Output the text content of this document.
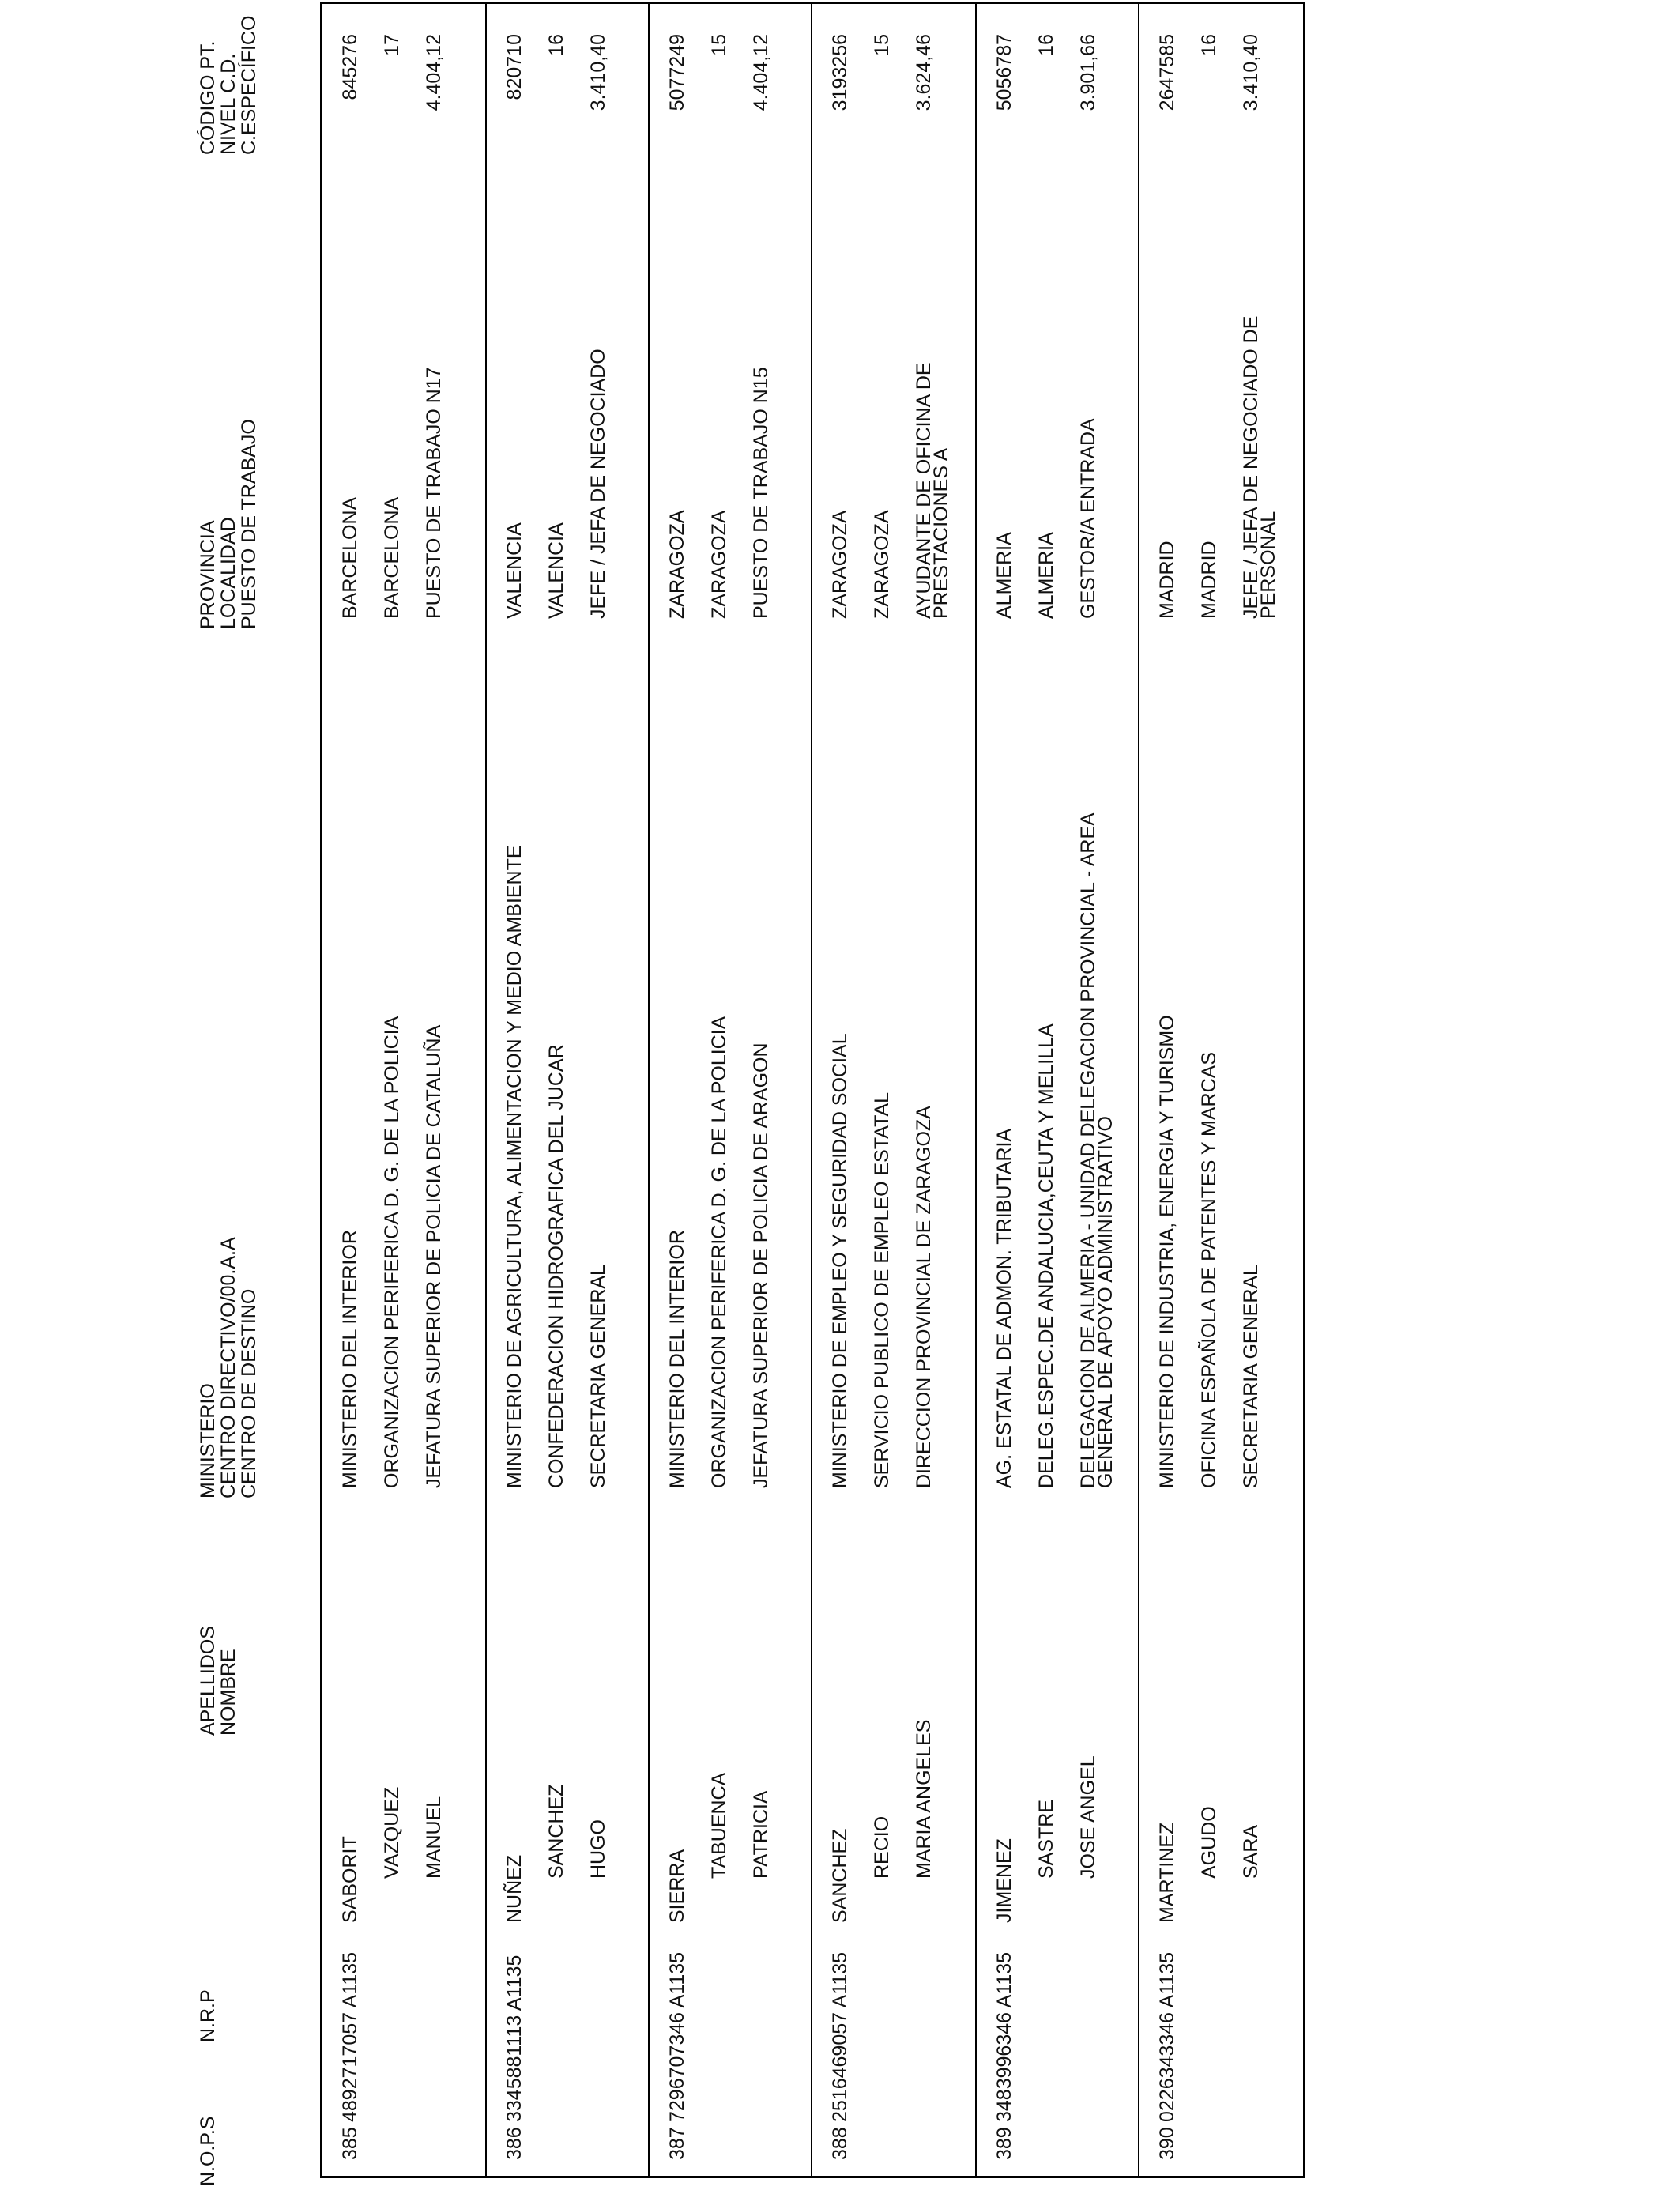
N.O.P.S
N.R.P
APELLIDOS
NOMBRE
MINISTERIO
CENTRO DIRECTIVO/00.A.A
CENTRO DE DESTINO
PROVINCIA
LOCALIDAD
PUESTO DE TRABAJO
CÓDIGO PT.
NIVEL C.D.
C.ESPECÍFICO
385
4892717057 A1135
SABORIT
VAZQUEZ MANUEL
MINISTERIO DEL INTERIOR ORGANIZACION PERIFERICA D. G. DE LA POLICIA JEFATURA SUPERIOR DE POLICIA DE CATALUÑA
BARCELONA BARCELONA PUESTO DE TRABAJO N17
845276 17 4.404,12
386
3345881113 A1135
NUÑEZ
SANCHEZ HUGO
MINISTERIO DE AGRICULTURA, ALIMENTACION Y MEDIO AMBIENTE CONFEDERACION HIDROGRAFICA DEL JUCAR SECRETARIA GENERAL
VALENCIA VALENCIA JEFE / JEFA DE NEGOCIADO
820710 16 3.410,40
387
7296707346 A1135
SIERRA
TABUENCA PATRICIA
MINISTERIO DEL INTERIOR ORGANIZACION PERIFERICA D. G. DE LA POLICIA JEFATURA SUPERIOR DE POLICIA DE ARAGON
ZARAGOZA ZARAGOZA PUESTO DE TRABAJO N15
5077249 15 4.404,12
388
2516469057 A1135
SANCHEZ RECIO MARIA ANGELES
MINISTERIO DE EMPLEO Y SEGURIDAD SOCIAL SERVICIO PUBLICO DE EMPLEO ESTATAL DIRECCION PROVINCIAL DE ZARAGOZA
ZARAGOZA ZARAGOZA AYUDANTE DE OFICINA DE
PRESTACIONES A
3193256 15 3.624,46
389
3483996346 A1135
JIMENEZ SASTRE JOSE ANGEL
AG. ESTATAL DE ADMON. TRIBUTARIA DELEG.ESPEC.DE ANDALUCIA,CEUTA Y MELILLA DELEGACION DE ALMERIA - UNIDAD DELEGACION PROVINCIAL - AREA
GENERAL DE APOYO ADMINISTRATIVO
ALMERIA ALMERIA GESTOR/A ENTRADA
5056787 16 3.901,66
390
0226343346 A1135
MARTINEZ AGUDO SARA
MINISTERIO DE INDUSTRIA, ENERGIA Y TURISMO OFICINA ESPAÑOLA DE PATENTES Y MARCAS SECRETARIA GENERAL
MADRID MADRID JEFE / JEFA DE NEGOCIADO DE
PERSONAL
2647585 16 3.410,40
